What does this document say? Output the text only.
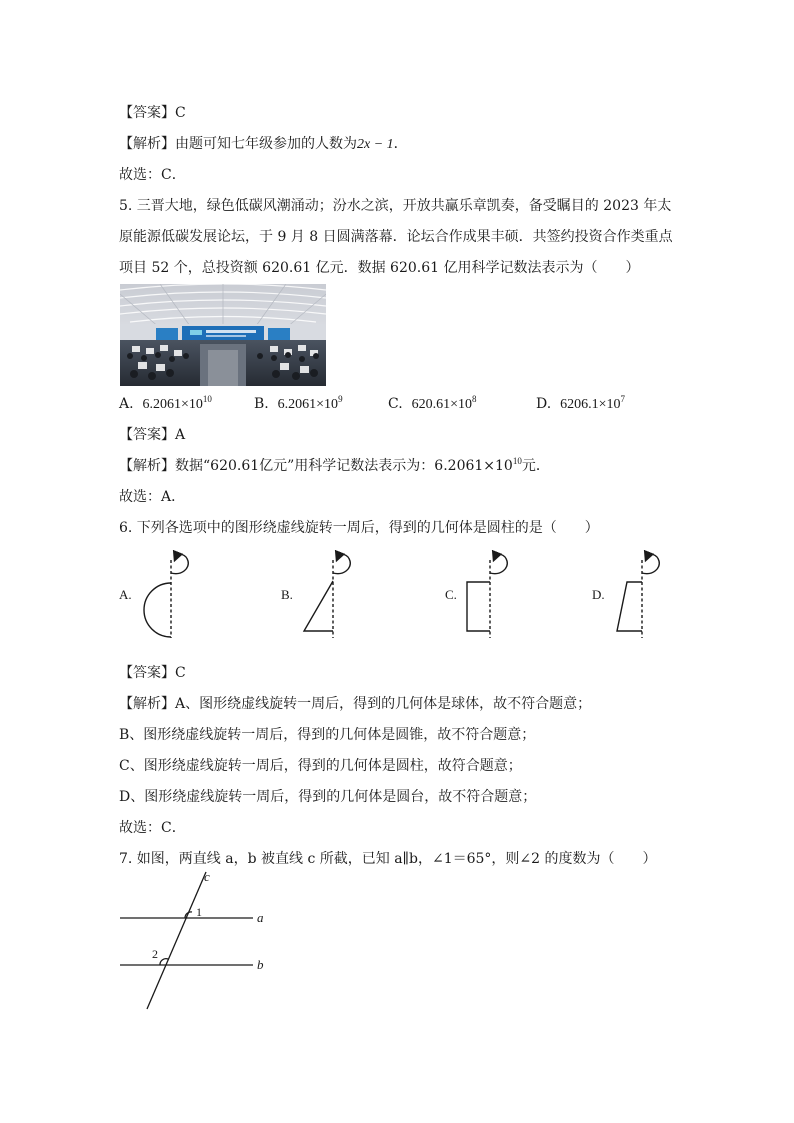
【答案】C
【解析】由题可知七年级参加的人数为2x − 1．
故选：C．
5. 三晋大地，绿色低碳风潮涌动；汾水之滨，开放共赢乐章凯奏，备受瞩目的 2023 年太
原能源低碳发展论坛，于 9 月 8 日圆满落幕．论坛合作成果丰硕．共签约投资合作类重点
项目 52 个，总投资额 620.61 亿元．数据 620.61 亿用科学记数法表示为（　　）
A. $6.2061\times 10^{10}$	B. $6.2061\times 10^9$	C. $620.61\times 10^8$	D. $6206.1\times 10^7$
【答案】A
【解析】数据“620.61亿元”用科学记数法表示为：$6.2061\times 10^{10}$元．
故选：A．
6. 下列各选项中的图形绕虚线旋转一周后，得到的几何体是圆柱的是（　　）
A.	B.	C.	D.
【答案】C
【解析】A、图形绕虚线旋转一周后，得到的几何体是球体，故不符合题意；
B、图形绕虚线旋转一周后，得到的几何体是圆锥，故不符合题意；
C、图形绕虚线旋转一周后，得到的几何体是圆柱，故符合题意；
D、图形绕虚线旋转一周后，得到的几何体是圆台，故不符合题意；
故选：C．
7. 如图，两直线 a，b 被直线 c 所截，已知 a∥b，∠1＝65°，则∠2 的度数为（　　）
c
1	a
2
b
